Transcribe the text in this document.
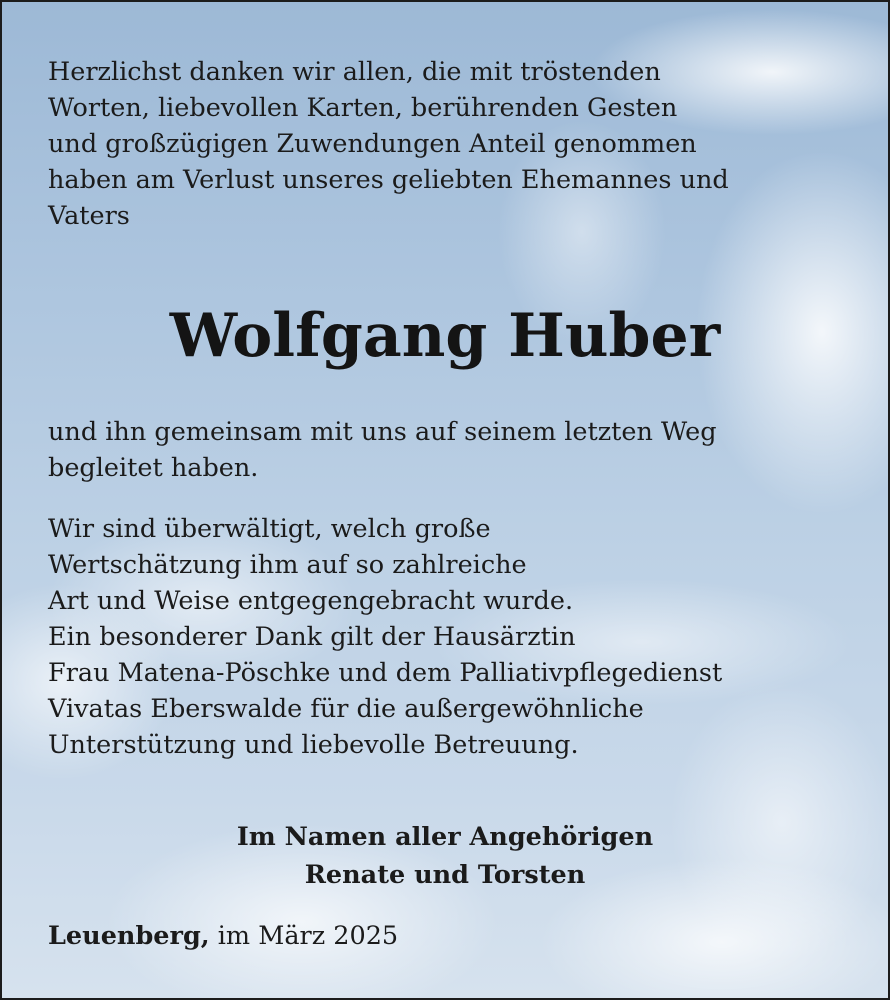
Herzlichst danken wir allen, die mit tröstenden
Worten, liebevollen Karten, berührenden Gesten
und großzügigen Zuwendungen Anteil genommen
haben am Verlust unseres geliebten Ehemannes und
Vaters

Wolfgang Huber

und ihn gemeinsam mit uns auf seinem letzten Weg
begleitet haben.

Wir sind überwältigt, welch große
Wertschätzung ihm auf so zahlreiche
Art und Weise entgegengebracht wurde.
Ein besonderer Dank gilt der Hausärztin
Frau Matena-Pöschke und dem Palliativpflegedienst
Vivatas Eberswalde für die außergewöhnliche
Unterstützung und liebevolle Betreuung.

Im Namen aller Angehörigen
Renate und Torsten

Leuenberg, im März 2025
